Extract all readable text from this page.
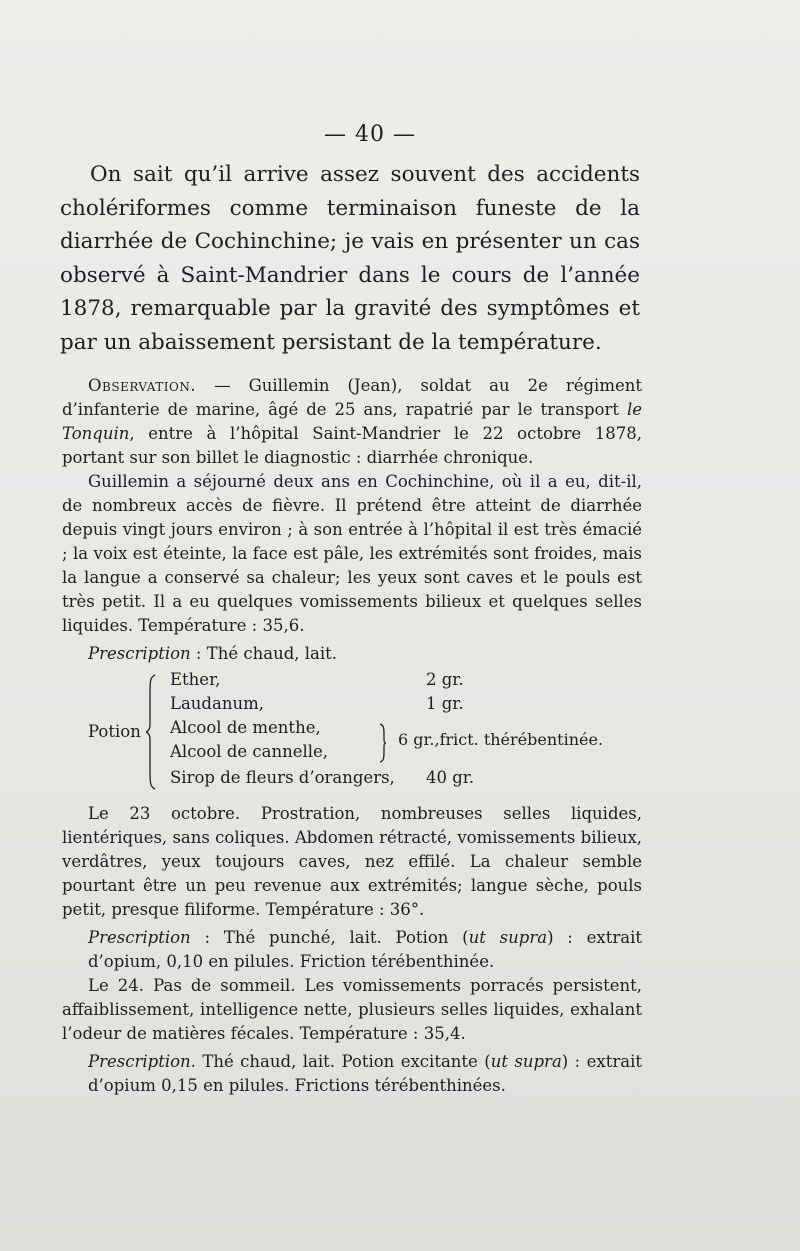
— 40 —

On sait qu’il arrive assez souvent des accidents cholériformes comme terminaison funeste de la diarrhée de Cochinchine; je vais en présenter un cas observé à Saint-Mandrier dans le cours de l’année 1878, remarquable par la gravité des symptômes et par un abaissement persistant de la température.

Observation. — Guillemin (Jean), soldat au 2e régiment d’infanterie de marine, âgé de 25 ans, rapatrié par le transport le Tonquin, entre à l’hôpital Saint-Mandrier le 22 octobre 1878, portant sur son billet le diagnostic : diarrhée chronique.

Guillemin a séjourné deux ans en Cochinchine, où il a eu, dit-il, de nombreux accès de fièvre. Il prétend être atteint de diarrhée depuis vingt jours environ ; à son entrée à l’hôpital il est très émacié ; la voix est éteinte, la face est pâle, les extrémités sont froides, mais la langue a conservé sa chaleur; les yeux sont caves et le pouls est très petit. Il a eu quelques vomissements bilieux et quelques selles liquides. Température : 35,6.

Prescription : Thé chaud, lait.

Potion
Ether,	2 gr.
Laudanum,	1 gr.
Alcool de menthe,
Alcool de cannelle,
6 gr.,frict. thérébentinée.
Sirop de fleurs d’orangers, 40 gr.

Le 23 octobre. Prostration, nombreuses selles liquides, lientériques, sans coliques. Abdomen rétracté, vomissements bilieux, verdâtres, yeux toujours caves, nez effilé. La chaleur semble pourtant être un peu revenue aux extrémités; langue sèche, pouls petit, presque filiforme. Température : 36°.

Prescription : Thé punché, lait. Potion (ut supra) : extrait d’opium, 0,10 en pilules. Friction térébenthinée.

Le 24. Pas de sommeil. Les vomissements porracés persistent, affaiblissement, intelligence nette, plusieurs selles liquides, exhalant l’odeur de matières fécales. Température : 35,4.

Prescription. Thé chaud, lait. Potion excitante (ut supra) : extrait d’opium 0,15 en pilules. Frictions térébenthinées.
